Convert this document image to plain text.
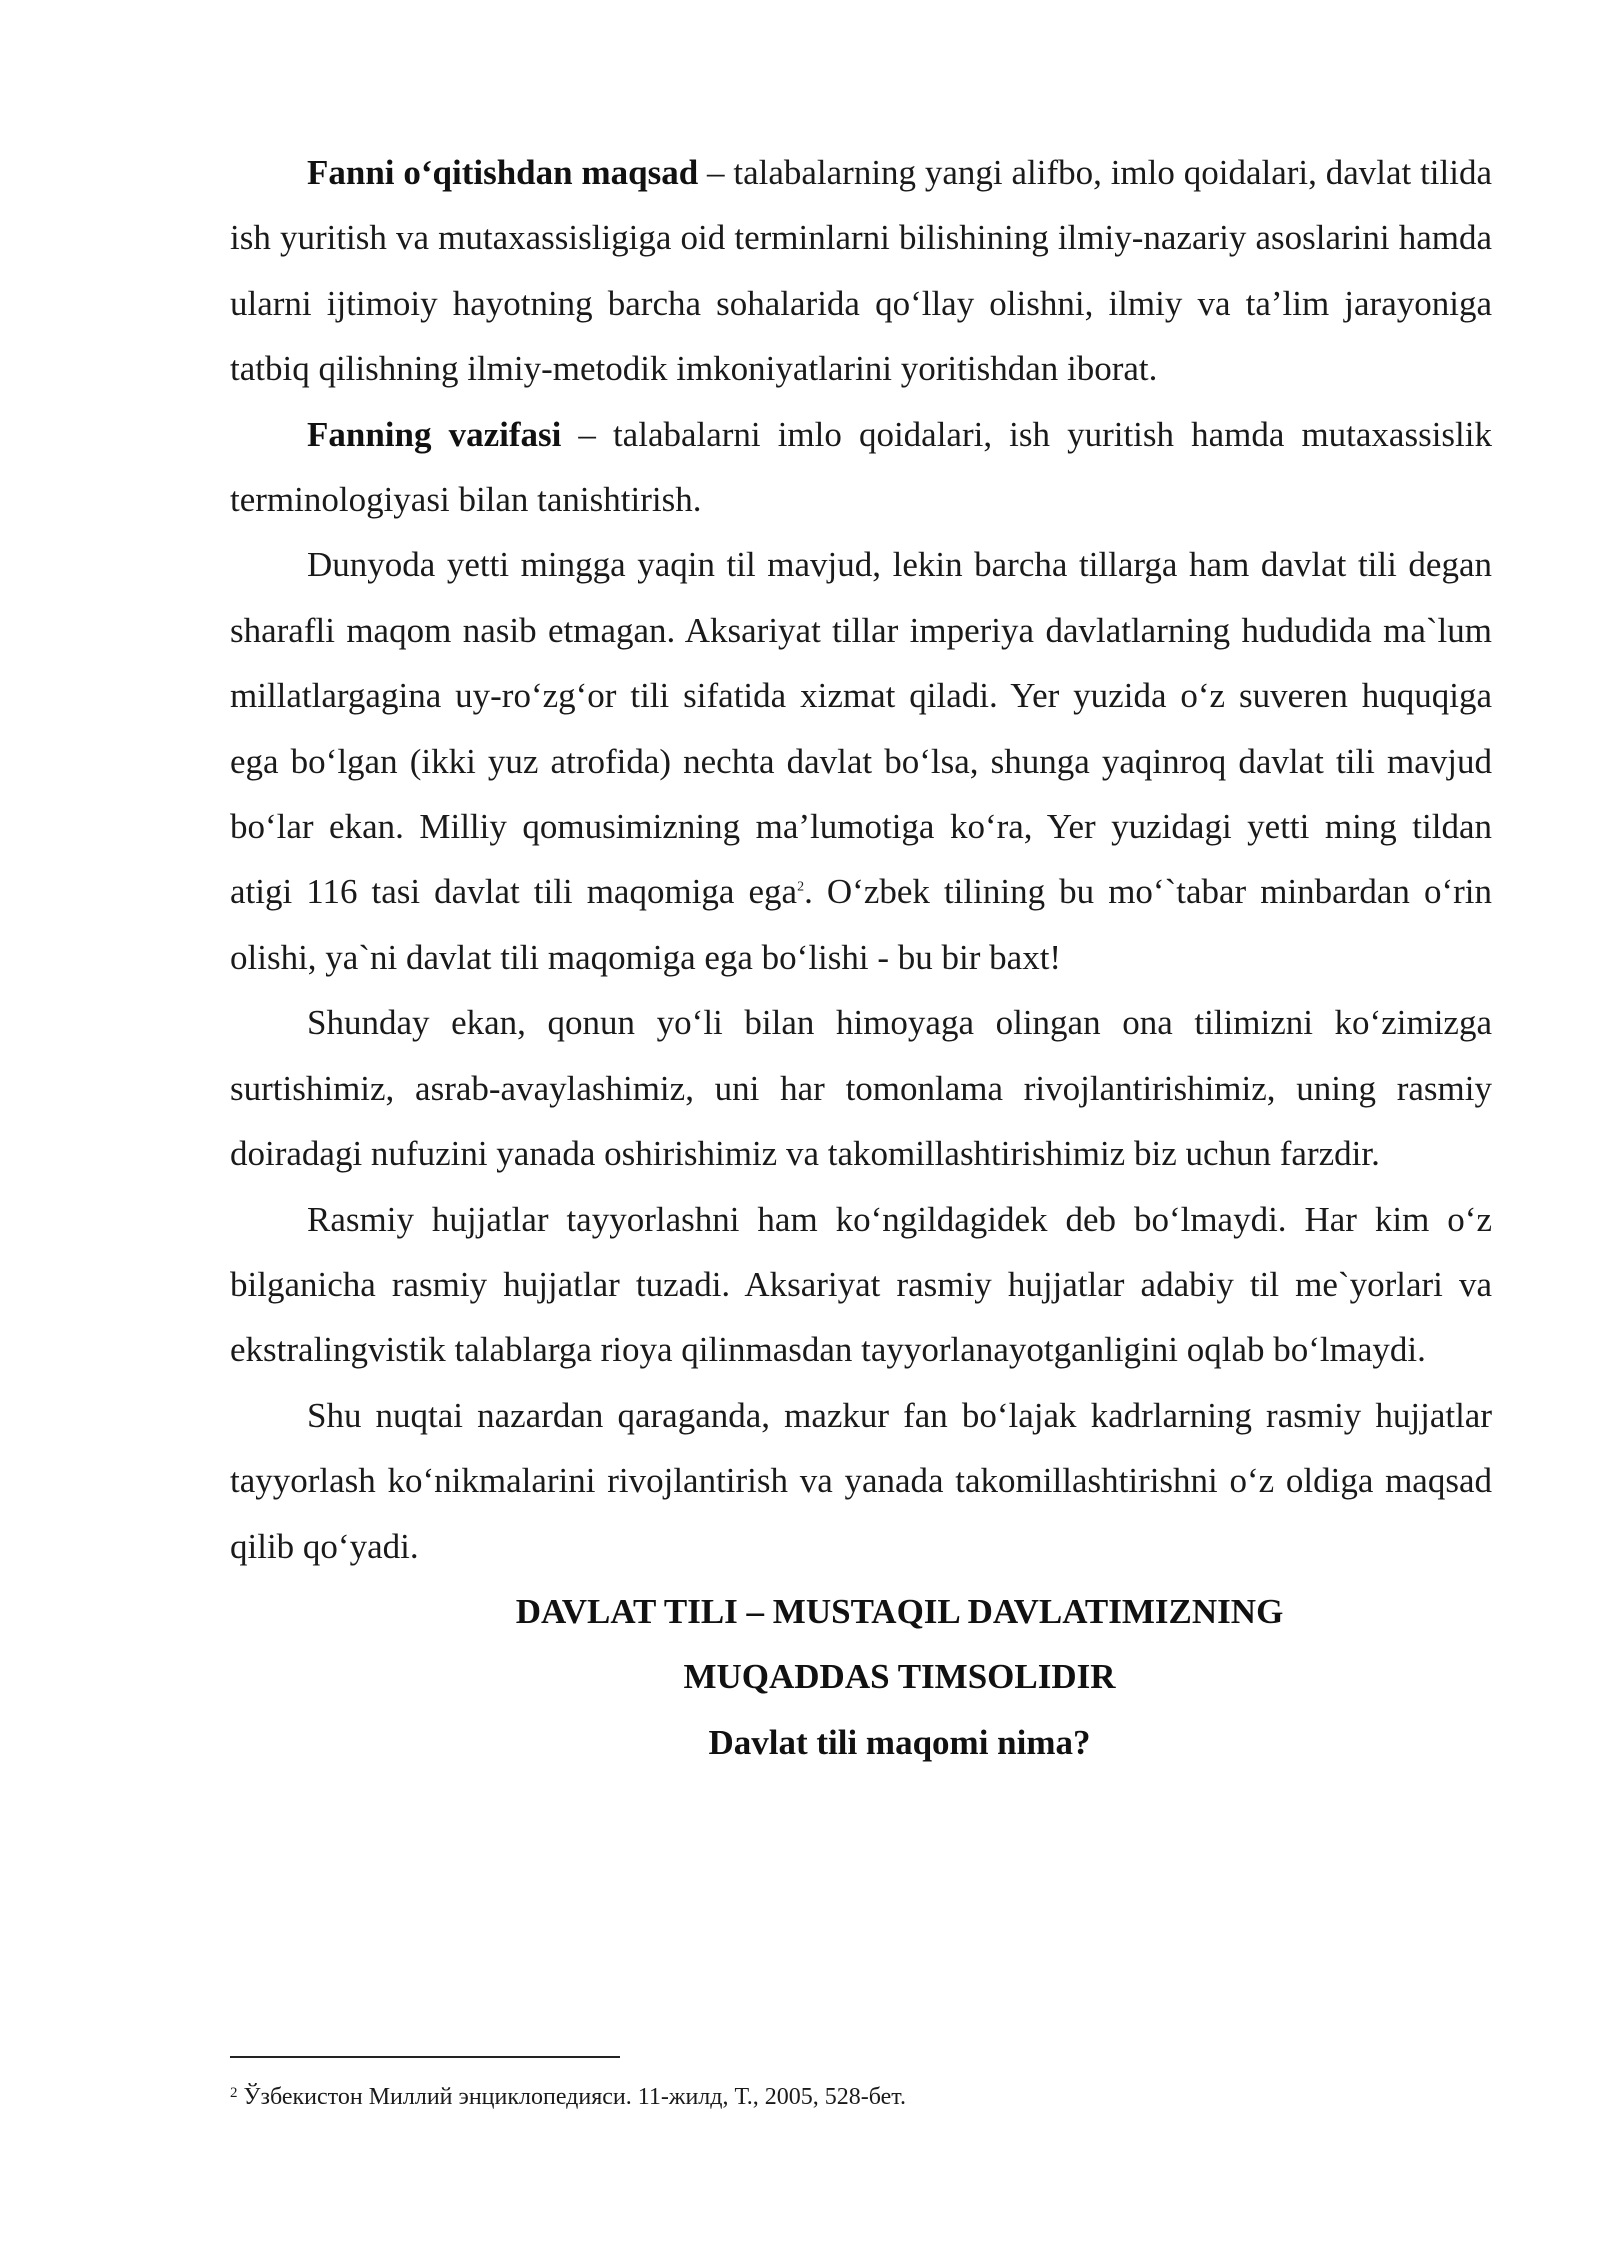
Fanni oʻqitishdan maqsad – talabalarning yangi alifbo, imlo qoidalari, davlat tilida ish yuritish va mutaxassisligiga oid terminlarni bilishining ilmiy-nazariy asoslarini hamda ularni ijtimoiy hayotning barcha sohalarida qoʻllay olishni, ilmiy va ta’lim jarayoniga tatbiq qilishning ilmiy-metodik imkoniyatlarini yoritishdan iborat.

Fanning vazifasi – talabalarni imlo qoidalari, ish yuritish hamda mutaxassislik terminologiyasi bilan tanishtirish.

Dunyoda yetti mingga yaqin til mavjud, lekin barcha tillarga ham davlat tili degan sharafli maqom nasib etmagan. Aksariyat tillar imperiya davlatlarning hududida ma`lum millatlargagina uy-roʻzgʻor tili sifatida xizmat qiladi. Yer yuzida oʻz suveren huquqiga ega boʻlgan (ikki yuz atrofida) nechta davlat boʻlsa, shunga yaqinroq davlat tili mavjud boʻlar ekan. Milliy qomusimizning ma’lumotiga koʻra, Yer yuzidagi yetti ming tildan atigi 116 tasi davlat tili maqomiga ega$^2$. Oʻzbek tilining bu moʻ`tabar minbardan oʻrin olishi, ya`ni davlat tili maqomiga ega boʻlishi - bu bir baxt!

Shunday ekan, qonun yoʻli bilan himoyaga olingan ona tilimizni koʻzimizga surtishimiz, asrab-avaylashimiz, uni har tomonlama rivojlantirishimiz, uning rasmiy doiradagi nufuzini yanada oshirishimiz va takomillashtirishimiz biz uchun farzdir.

Rasmiy hujjatlar tayyorlashni ham koʻngildagidek deb boʻlmaydi. Har kim oʻz bilganicha rasmiy hujjatlar tuzadi. Aksariyat rasmiy hujjatlar adabiy til me`yorlari va ekstralingvistik talablarga rioya qilinmasdan tayyorlanayotganligini oqlab boʻlmaydi.

Shu nuqtai nazardan qaraganda, mazkur fan boʻlajak kadrlarning rasmiy hujjatlar tayyorlash koʻnikmalarini rivojlantirish va yanada takomillashtirishni oʻz oldiga maqsad qilib qoʻyadi.

DAVLAT TILI – MUSTAQIL DAVLATIMIZNING
MUQADDAS TIMSOLIDIR
Davlat tili maqomi nima?
$^2$ Ўзбекистон Миллий энциклопедияси. 11-жилд, Т., 2005, 528-бет.
